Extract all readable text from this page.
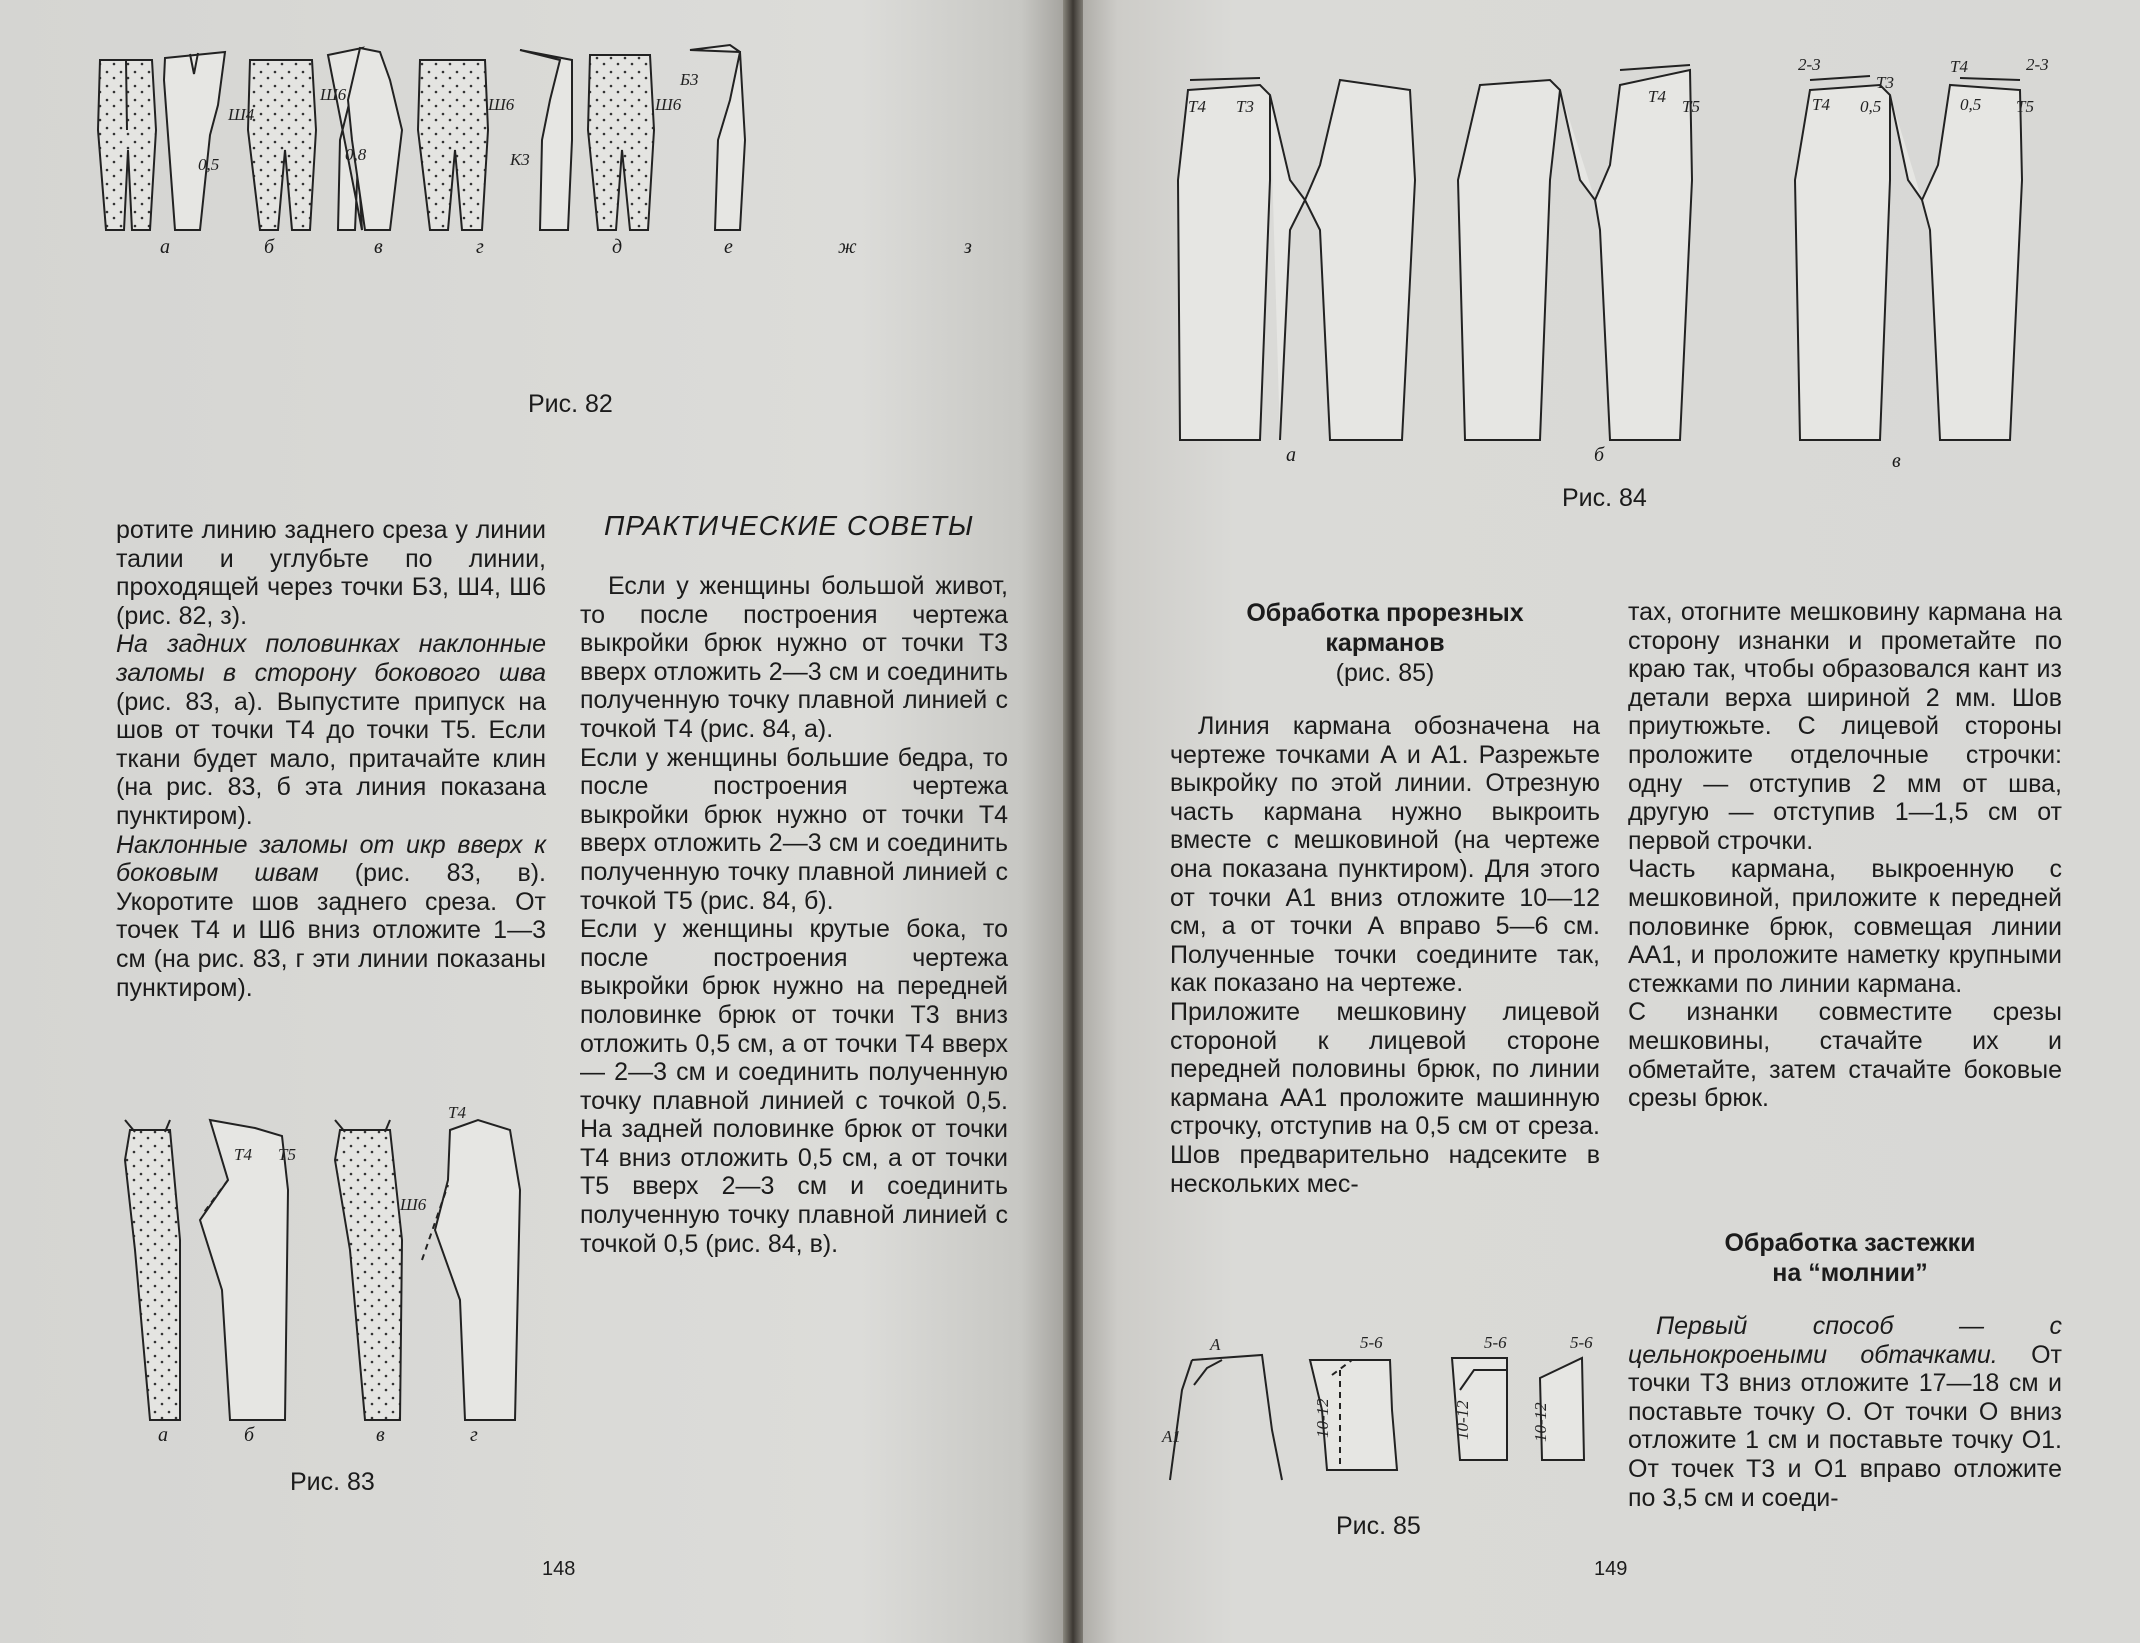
Ш4
0,5
Ш6
0,8
Ш6
К3
Ш6
Б3
а	б	в	г	д	е	ж	з
Рис. 82

ротите линию заднего среза у линии талии и углубьте по линии, проходящей через точки Б3, Ш4, Ш6 (рис. 82, з).

На задних половинках наклонные заломы в сторону бокового шва (рис. 83, а). Выпустите припуск на шов от точки Т4 до точки Т5. Если ткани будет мало, притачайте клин (на рис. 83, б эта линия показана пунктиром).

Наклонные заломы от икр вверх к боковым швам (рис. 83, в). Укоротите шов заднего среза. От точек Т4 и Ш6 вниз отложите 1—3 см (на рис. 83, г эти линии показаны пунктиром).

ПРАКТИЧЕСКИЕ СОВЕТЫ

Если у женщины большой живот, то после построения чертежа выкройки брюк нужно от точки Т3 вверх отложить 2—3 см и соединить полученную точку плавной линией с точкой Т4 (рис. 84, а).

Если у женщины большие бедра, то после построения чертежа выкройки брюк нужно от точки Т4 вверх отложить 2—3 см и соединить полученную точку плавной линией с точкой Т5 (рис. 84, б).

Если у женщины крутые бока, то после построения чертежа выкройки брюк нужно на передней половинке брюк от точки Т3 вниз отложить 0,5 см, а от точки Т4 вверх — 2—3 см и соединить полученную точку плавной линией с точкой 0,5. На задней половинке брюк от точки Т4 вниз отложить 0,5 см, а от точки Т5 вверх 2—3 см и соединить полученную точку плавной линией с точкой 0,5 (рис. 84, в).

Т4 Т5
Т4
Ш6
а	б	в	г
Рис. 83
148
Т4 Т3
Т4
Т5
2-3
Т3
2-3
Т4
Т4 0,5	0,5 Т5
а	б	в
Рис. 84
Обработка прорезных
карманов
(рис. 85)

Линия кармана обозначена на чертеже точками А и А1. Разрежьте выкройку по этой линии. Отрезную часть кармана нужно выкроить вместе с мешковиной (на чертеже она показана пунктиром). Для этого от точки А1 вниз отложите 10—12 см, а от точки А вправо 5—6 см. Полученные точки соедините так, как показано на чертеже.

Приложите мешковину лицевой стороной к лицевой стороне передней половины брюк, по линии кармана АА1 проложите машинную строчку, отступив на 0,5 см от среза. Шов предварительно надсеките в нескольких мес-

тах, отогните мешковину кармана на сторону изнанки и прометайте по краю так, чтобы образовался кант из детали верха шириной 2 мм. Шов приутюжьте. С лицевой стороны проложите отделочные строчки: одну — отступив 2 мм от шва, другую — отступив 1—1,5 см от первой строчки.

Часть кармана, выкроенную с мешковиной, приложите к передней половинке брюк, совмещая линии АА1, и проложите наметку крупными стежками по линии кармана.

С изнанки совместите срезы мешковины, стачайте их и обметайте, затем стачайте боковые срезы брюк.

Обработка застежки
на “молнии”

Первый способ — с цельнокроеными обтачками. От точки Т3 вниз отложите 17—18 см и поставьте точку О. От точки О вниз отложите 1 см и поставьте точку О1. От точек Т3 и О1 вправо отложите по 3,5 см и соеди-

А
А1
5-6
10-12
5-6
10-12
5-6
10-12
Рис. 85
149
